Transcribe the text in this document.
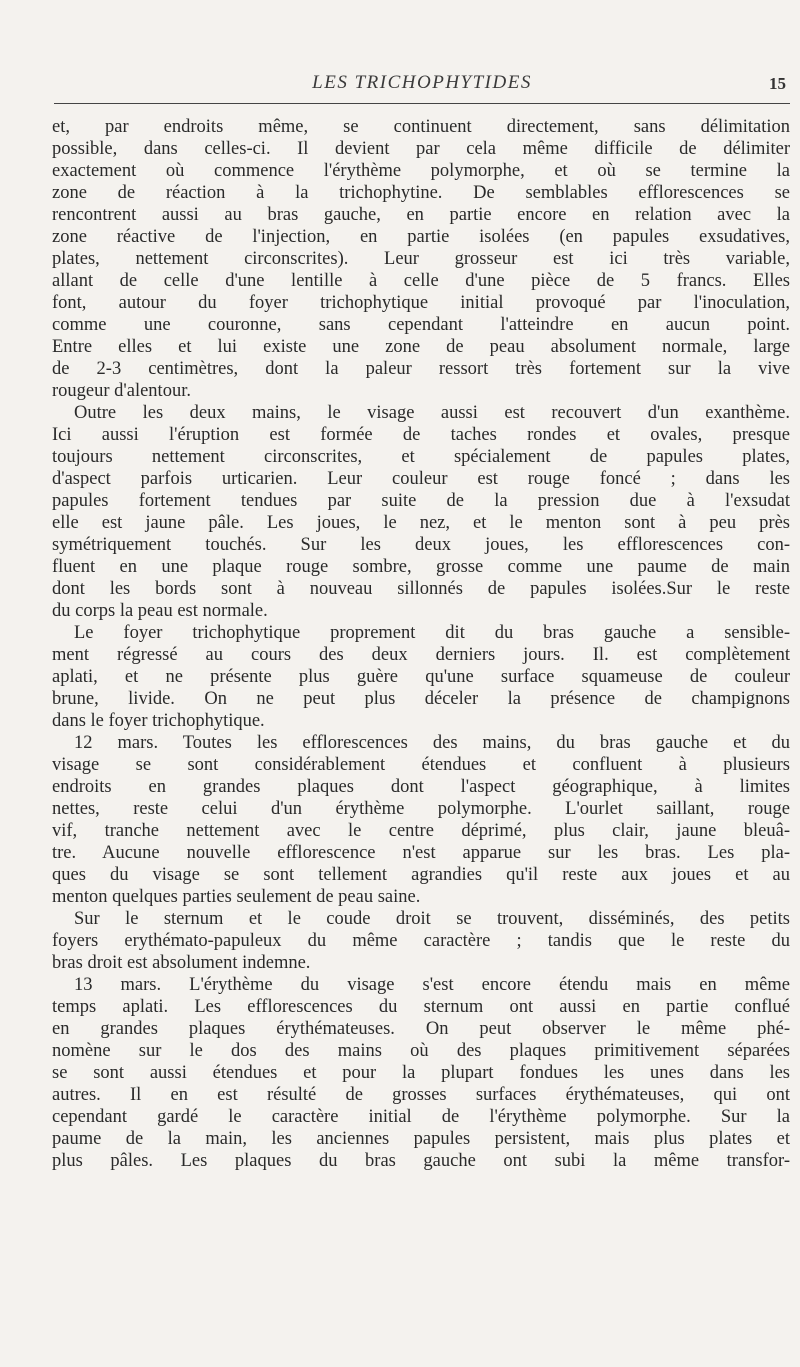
LES TRICHOPHYTIDES	15
et, par endroits même, se continuent directement, sans délimitation
possible, dans celles-ci. Il devient par cela même difficile de délimiter
exactement où commence l'érythème polymorphe, et où se termine la
zone de réaction à la trichophytine. De semblables efflorescences se
rencontrent aussi au bras gauche, en partie encore en relation avec la
zone réactive de l'injection, en partie isolées (en papules exsudatives,
plates, nettement circonscrites). Leur grosseur est ici très variable,
allant de celle d'une lentille à celle d'une pièce de 5 francs. Elles
font, autour du foyer trichophytique initial provoqué par l'inoculation,
comme une couronne, sans cependant l'atteindre en aucun point.
Entre elles et lui existe une zone de peau absolument normale, large
de 2-3 centimètres, dont la paleur ressort très fortement sur la vive
rougeur d'alentour.
Outre les deux mains, le visage aussi est recouvert d'un exanthème.
Ici aussi l'éruption est formée de taches rondes et ovales, presque
toujours nettement circonscrites, et spécialement de papules plates,
d'aspect parfois urticarien. Leur couleur est rouge foncé ; dans les
papules fortement tendues par suite de la pression due à l'exsudat
elle est jaune pâle. Les joues, le nez, et le menton sont à peu près
symétriquement touchés. Sur les deux joues, les efflorescences con-
fluent en une plaque rouge sombre, grosse comme une paume de main
dont les bords sont à nouveau sillonnés de papules isolées.Sur le reste
du corps la peau est normale.
Le foyer trichophytique proprement dit du bras gauche a sensible-
ment régressé au cours des deux derniers jours. Il. est complètement
aplati, et ne présente plus guère qu'une surface squameuse de couleur
brune, livide. On ne peut plus déceler la présence de champignons
dans le foyer trichophytique.
12 mars. Toutes les efflorescences des mains, du bras gauche et du
visage se sont considérablement étendues et confluent à plusieurs
endroits en grandes plaques dont l'aspect géographique, à limites
nettes, reste celui d'un érythème polymorphe. L'ourlet saillant, rouge
vif, tranche nettement avec le centre déprimé, plus clair, jaune bleuâ-
tre. Aucune nouvelle efflorescence n'est apparue sur les bras. Les pla-
ques du visage se sont tellement agrandies qu'il reste aux joues et au
menton quelques parties seulement de peau saine.
Sur le sternum et le coude droit se trouvent, disséminés, des petits
foyers erythémato-papuleux du même caractère ; tandis que le reste du
bras droit est absolument indemne.
13 mars. L'érythème du visage s'est encore étendu mais en même
temps aplati. Les efflorescences du sternum ont aussi en partie conflué
en grandes plaques érythémateuses. On peut observer le même phé-
nomène sur le dos des mains où des plaques primitivement séparées
se sont aussi étendues et pour la plupart fondues les unes dans les
autres. Il en est résulté de grosses surfaces érythémateuses, qui ont
cependant gardé le caractère initial de l'érythème polymorphe. Sur la
paume de la main, les anciennes papules persistent, mais plus plates et
plus pâles. Les plaques du bras gauche ont subi la même transfor-
